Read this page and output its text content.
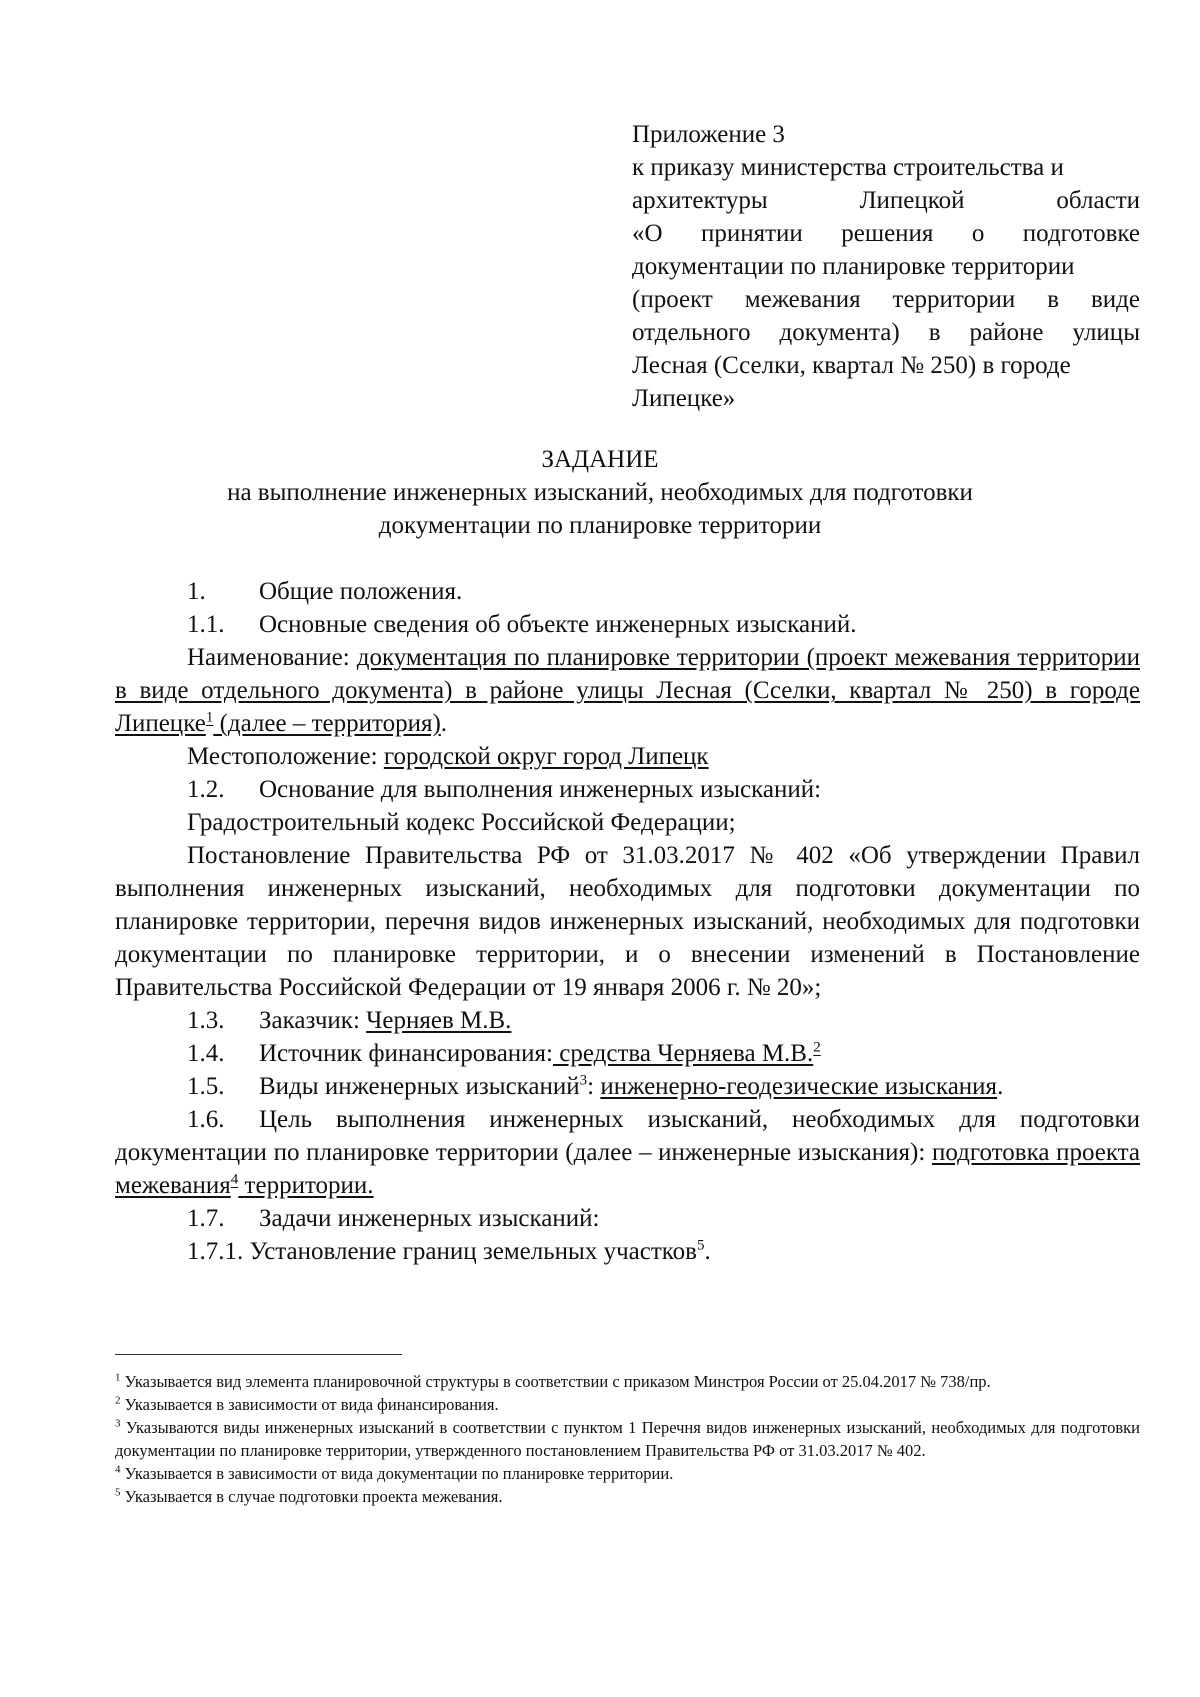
Приложение 3
к приказу министерства строительства и
архитектуры Липецкой области
«О принятии решения о подготовке
документации по планировке территории
(проект межевания территории в виде
отдельного документа) в районе улицы
Лесная (Сселки, квартал № 250) в городе
Липецке»
ЗАДАНИЕ
на выполнение инженерных изысканий, необходимых для подготовки
документации по планировке территории
1. Общие положения.
1.1. Основные сведения об объекте инженерных изысканий.
Наименование: документация по планировке территории (проект межевания территории в виде отдельного документа) в районе улицы Лесная (Сселки, квартал № 250) в городе Липецке$^1$ (далее – территория).
Местоположение: городской округ город Липецк
1.2. Основание для выполнения инженерных изысканий:
Градостроительный кодекс Российской Федерации;
Постановление Правительства РФ от 31.03.2017 № 402 «Об утверждении Правил выполнения инженерных изысканий, необходимых для подготовки документации по планировке территории, перечня видов инженерных изысканий, необходимых для подготовки документации по планировке территории, и о внесении изменений в Постановление Правительства Российской Федерации от 19 января 2006 г. № 20»;
1.3. Заказчик: Черняев М.В.
1.4. Источник финансирования: средства Черняева М.В.$^2$
1.5. Виды инженерных изысканий$^3$: инженерно-геодезические изыскания.
1.6. Цель выполнения инженерных изысканий, необходимых для подготовки документации по планировке территории (далее – инженерные изыскания): подготовка проекта межевания$^4$ территории.
1.7. Задачи инженерных изысканий:
1.7.1. Установление границ земельных участков$^5$.
$^1$ Указывается вид элемента планировочной структуры в соответствии с приказом Минстроя России от 25.04.2017 № 738/пр.
$^2$ Указывается в зависимости от вида финансирования.
$^3$ Указываются виды инженерных изысканий в соответствии с пунктом 1 Перечня видов инженерных изысканий, необходимых для подготовки документации по планировке территории, утвержденного постановлением Правительства РФ от 31.03.2017 № 402.
$^4$ Указывается в зависимости от вида документации по планировке территории.
$^5$ Указывается в случае подготовки проекта межевания.
